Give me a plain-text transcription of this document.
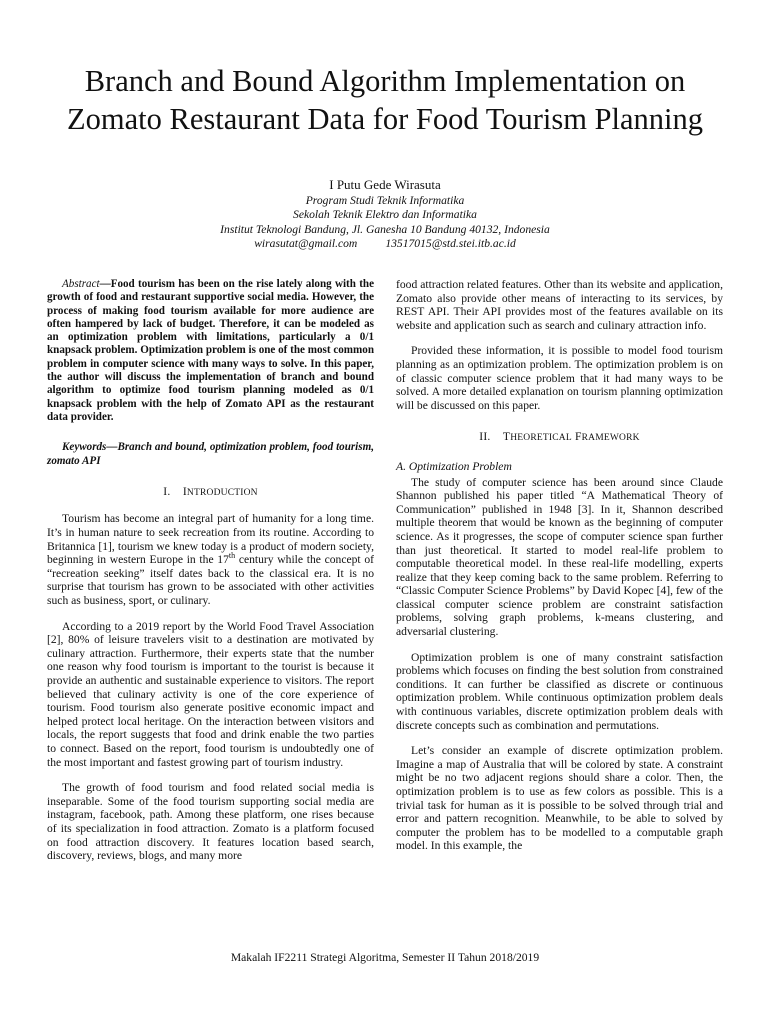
Branch and Bound Algorithm Implementation on
Zomato Restaurant Data for Food Tourism Planning
I Putu Gede Wirasuta
Program Studi Teknik Informatika
Sekolah Teknik Elektro dan Informatika
Institut Teknologi Bandung, Jl. Ganesha 10 Bandung 40132, Indonesia
wirasutat@gmail.com 13517015@std.stei.itb.ac.id

Abstract—Food tourism has been on the rise lately along with the growth of food and restaurant supportive social media. However, the process of making food tourism available for more audience are often hampered by lack of budget. Therefore, it can be modeled as an optimization problem with limitations, particularly a 0/1 knapsack problem. Optimization problem is one of the most common problem in computer science with many ways to solve. In this paper, the author will discuss the implementation of branch and bound algorithm to optimize food tourism planning modeled as 0/1 knapsack problem with the help of Zomato API as the restaurant data provider.

Keywords—Branch and bound, optimization problem, food tourism, zomato API

I. INTRODUCTION

Tourism has become an integral part of humanity for a long time. It’s in human nature to seek recreation from its routine. According to Britannica [1], tourism we knew today is a product of modern society, beginning in western Europe in the 17th century while the concept of “recreation seeking” itself dates back to the classical era. It is no surprise that tourism has grown to be associated with other activities such as business, sport, or culinary.

According to a 2019 report by the World Food Travel Association [2], 80% of leisure travelers visit to a destination are motivated by culinary attraction. Furthermore, their experts state that the number one reason why food tourism is important to the tourist is because it provide an authentic and sustainable experience to visitors. The report believed that culinary activity is one of the core experience of tourism. Food tourism also generate positive economic impact and helped protect local heritage. On the interaction between visitors and locals, the report suggests that food and drink enable the two parties to connect. Based on the report, food tourism is undoubtedly one of the most important and fastest growing part of tourism industry.

The growth of food tourism and food related social media is inseparable. Some of the food tourism supporting social media are instagram, facebook, path. Among these platform, one rises because of its specialization in food attraction. Zomato is a platform focused on food attraction discovery. It features location based search, discovery, reviews, blogs, and many more

food attraction related features. Other than its website and application, Zomato also provide other means of interacting to its services, by REST API. Their API provides most of the features available on its website and application such as search and culinary attraction info.

Provided these information, it is possible to model food tourism planning as an optimization problem. The optimization problem is on of classic computer science problem that it had many ways to be solved. A more detailed explanation on tourism planning optimization will be discussed on this paper.

II. THEORETICAL FRAMEWORK

A. Optimization Problem

The study of computer science has been around since Claude Shannon published his paper titled “A Mathematical Theory of Communication” published in 1948 [3]. In it, Shannon described multiple theorem that would be known as the beginning of computer science. As it progresses, the scope of computer science span further than just theoretical. It started to model real-life problem to computable theoretical model. In these real-life modelling, experts realize that they keep coming back to the same problem. Referring to “Classic Computer Science Problems” by David Kopec [4], few of the classical computer science problem are constraint satisfaction problems, solving graph problems, k-means clustering, and adversarial clustering.

Optimization problem is one of many constraint satisfaction problems which focuses on finding the best solution from constrained conditions. It can further be classified as discrete or continuous optimization problem. While continuous optimization problem deals with continuous variables, discrete optimization problem deals with discrete concepts such as combination and permutations.

Let’s consider an example of discrete optimization problem. Imagine a map of Australia that will be colored by state. A constraint might be no two adjacent regions should share a color. Then, the optimization problem is to use as few colors as possible. This is a trivial task for human as it is possible to be solved through trial and error and pattern recognition. Meanwhile, to be able to solved by computer the problem has to be modelled to a computable graph model. In this example, the

Makalah IF2211 Strategi Algoritma, Semester II Tahun 2018/2019
